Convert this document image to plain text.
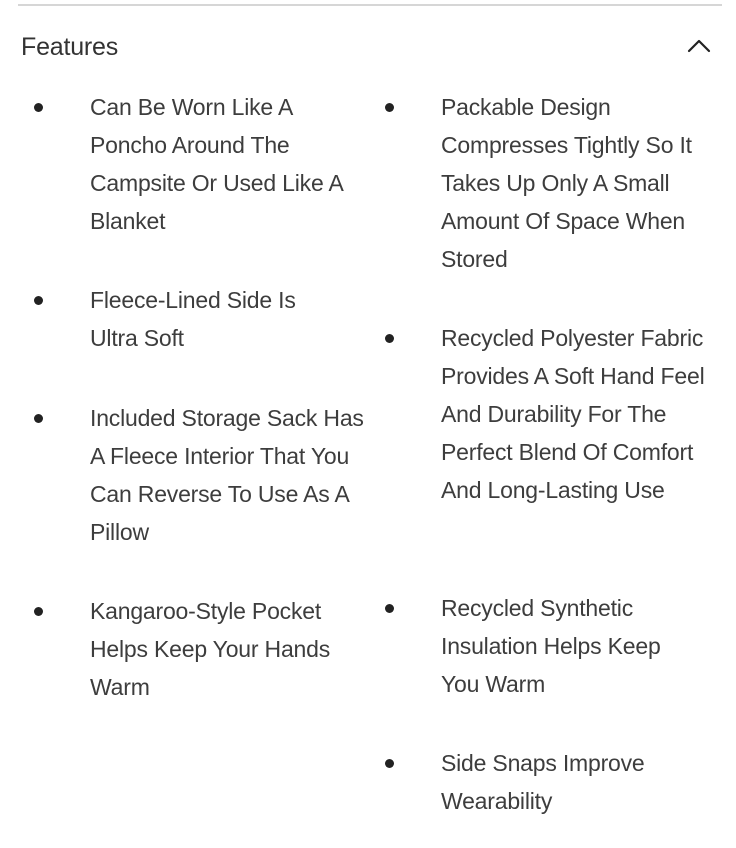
Features
Can Be Worn Like A Poncho Around The Campsite Or Used Like A Blanket
Fleece-Lined Side Is Ultra Soft
Included Storage Sack Has A Fleece Interior That You Can Reverse To Use As A Pillow
Kangaroo-Style Pocket Helps Keep Your Hands Warm
Packable Design Compresses Tightly So It Takes Up Only A Small Amount Of Space When Stored
Recycled Polyester Fabric Provides A Soft Hand Feel And Durability For The Perfect Blend Of Comfort And Long-Lasting Use
Recycled Synthetic Insulation Helps Keep You Warm
Side Snaps Improve Wearability
